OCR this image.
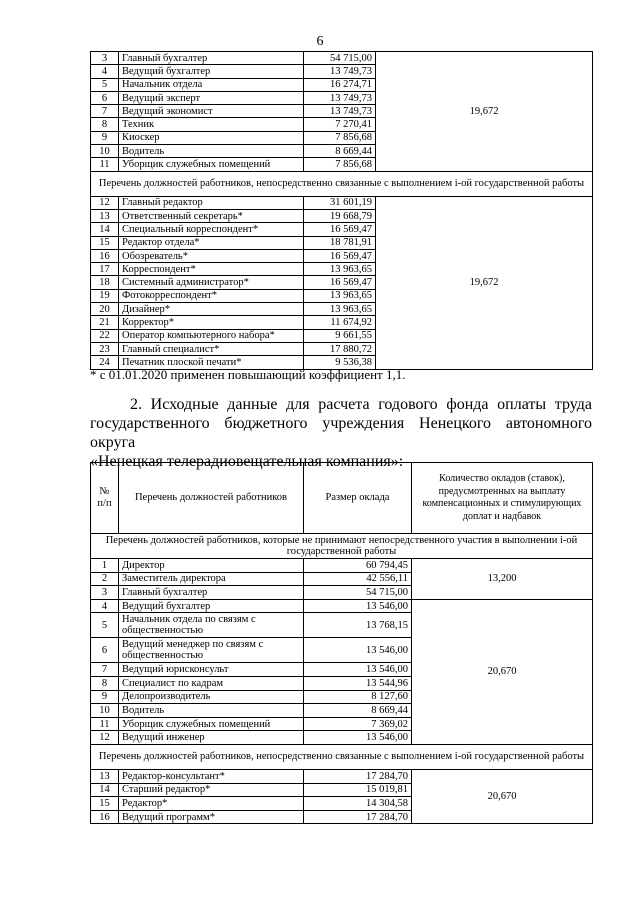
6
3	Главный бухгалтер	54 715,00	19,672
4	Ведущий бухгалтер	13 749,73	
5	Начальник отдела	16 274,71	
6	Ведущий эксперт	13 749,73	
7	Ведущий экономист	13 749,73	
8	Техник	7 270,41	
9	Киоскер	7 856,68	
10	Водитель	8 669,44	
11	Уборщик служебных помещений	7 856,68	
Перечень должностей работников, непосредственно связанные с выполнением i-ой государственной работы			
12	Главный редактор	31 601,19	19,672
13	Ответственный секретарь*	19 668,79	
14	Специальный корреспондент*	16 569,47	
15	Редактор отдела*	18 781,91	
16	Обозреватель*	16 569,47	
17	Корреспондент*	13 963,65	
18	Системный администратор*	16 569,47	
19	Фотокорреспондент*	13 963,65	
20	Дизайнер*	13 963,65	
21	Корректор*	11 674,92	
22	Оператор компьютерного набора*	9 661,55	
23	Главный специалист*	17 880,72	
24	Печатник плоской печати*	9 536,38	
* с 01.01.2020 применен повышающий коэффициент 1,1.
2. Исходные данные для расчета годового фонда оплаты труда
государственного бюджетного учреждения Ненецкого автономного округа
«Ненецкая телерадиовещательная компания»:
№ п/п	Перечень должностей работников	Размер оклада	Количество окладов (ставок), предусмотренных на выплату компенсационных и стимулирующих доплат и надбавок
Перечень должностей работников, которые не принимают непосредственного участия в выполнении i-ой государственной работы			
1	Директор	60 794,45	13,200
2	Заместитель директора	42 556,11	
3	Главный бухгалтер	54 715,00	
4	Ведущий бухгалтер	13 546,00	20,670
5	Начальник отдела по связям с общественностью	13 768,15	
6	Ведущий менеджер по связям с общественностью	13 546,00	
7	Ведущий юрисконсульт	13 546,00	
8	Специалист по кадрам	13 544,96	
9	Делопроизводитель	8 127,60	
10	Водитель	8 669,44	
11	Уборщик служебных помещений	7 369,02	
12	Ведущий инженер	13 546,00	
Перечень должностей работников, непосредственно связанные с выполнением i-ой государственной работы			
13	Редактор-консультант*	17 284,70	20,670
14	Старший редактор*	15 019,81	
15	Редактор*	14 304,58	
16	Ведущий программ*	17 284,70	
